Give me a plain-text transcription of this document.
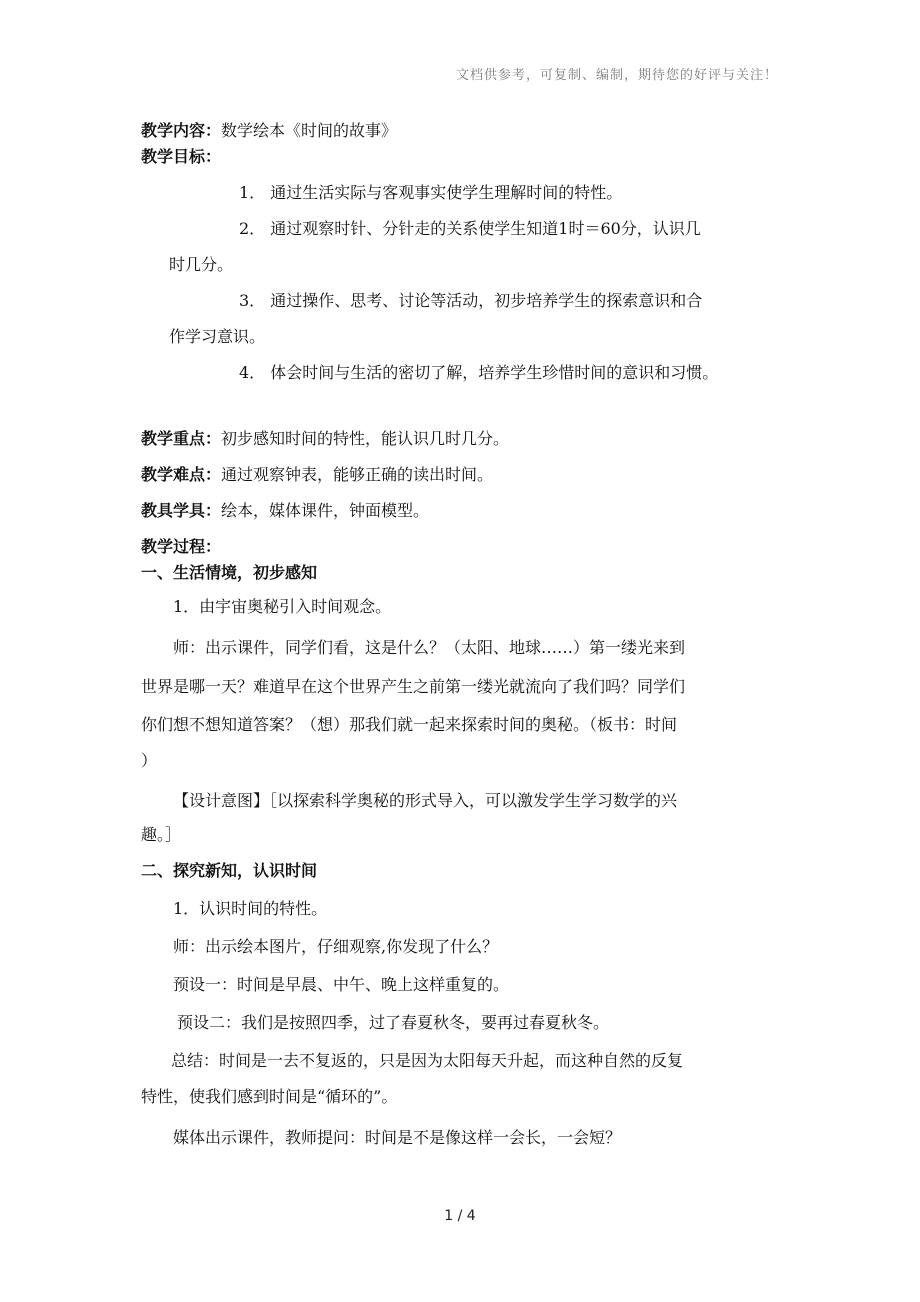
文档供参考，可复制、编制，期待您的好评与关注！

教学内容：数学绘本《时间的故事》

教学目标：

1． 通过生活实际与客观事实使学生理解时间的特性。

2． 通过观察时针、分针走的关系使学生知道1时＝60分，认识几

时几分。

3． 通过操作、思考、讨论等活动，初步培养学生的探索意识和合

作学习意识。

4． 体会时间与生活的密切了解，培养学生珍惜时间的意识和习惯。

教学重点：初步感知时间的特性，能认识几时几分。

教学难点：通过观察钟表，能够正确的读出时间。

教具学具：绘本，媒体课件，钟面模型。

教学过程：

一、生活情境，初步感知

1．由宇宙奥秘引入时间观念。

师：出示课件，同学们看，这是什么？（太阳、地球……）第一缕光来到

世界是哪一天？难道早在这个世界产生之前第一缕光就流向了我们吗？同学们

你们想不想知道答案？（想）那我们就一起来探索时间的奥秘。（板书：时间

）

【设计意图】［以探索科学奥秘的形式导入，可以激发学生学习数学的兴

趣。］

二、探究新知，认识时间

1．认识时间的特性。

师：出示绘本图片，仔细观察,你发现了什么？

预设一：时间是早晨、中午、晚上这样重复的。

预设二：我们是按照四季，过了春夏秋冬，要再过春夏秋冬。

总结：时间是一去不复返的，只是因为太阳每天升起，而这种自然的反复

特性，使我们感到时间是“循环的”。

媒体出示课件，教师提问：时间是不是像这样一会长，一会短？

1 / 4
